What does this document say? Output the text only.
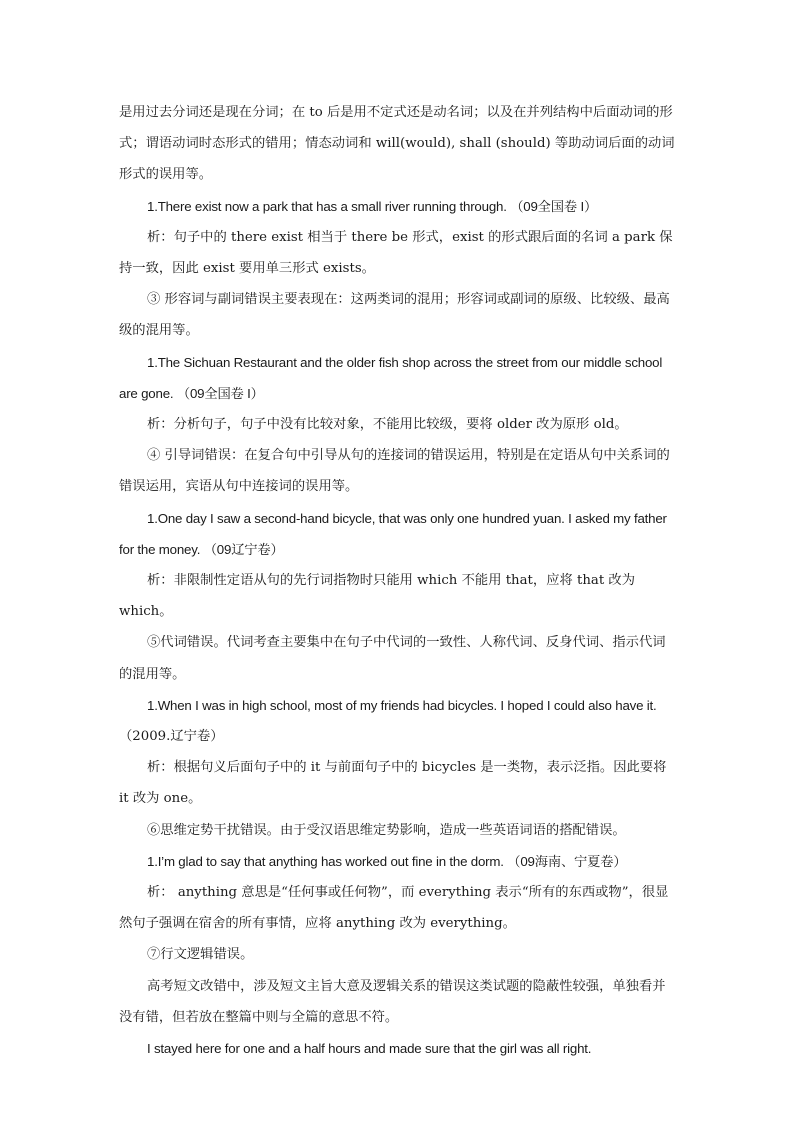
是用过去分词还是现在分词；在 to 后是用不定式还是动名词；以及在并列结构中后面动词的形式；谓语动词时态形式的错用；情态动词和 will(would), shall (should) 等助动词后面的动词形式的误用等。

1.There exist now a park that has a small river running through. （09全国卷 I）

析：句子中的 there exist 相当于 there be 形式，exist 的形式跟后面的名词 a park 保持一致，因此 exist 要用单三形式 exists。

③ 形容词与副词错误主要表现在：这两类词的混用；形容词或副词的原级、比较级、最高级的混用等。

1.The Sichuan Restaurant and the older fish shop across the street from our middle school are gone. （09全国卷 I）

析：分析句子，句子中没有比较对象，不能用比较级，要将 older 改为原形 old。

④ 引导词错误：在复合句中引导从句的连接词的错误运用，特别是在定语从句中关系词的错误运用，宾语从句中连接词的误用等。

1.One day I saw a second-hand bicycle, that was only one hundred yuan. I asked my father

for the money. （09辽宁卷）

析：非限制性定语从句的先行词指物时只能用 which 不能用 that，应将 that 改为 which。

⑤代词错误。代词考查主要集中在句子中代词的一致性、人称代词、反身代词、指示代词的混用等。

1.When I was in high school, most of my friends had bicycles. I hoped I could also have it.

（2009.辽宁卷）

析：根据句义后面句子中的 it 与前面句子中的 bicycles 是一类物，表示泛指。因此要将 it 改为 one。

⑥思维定势干扰错误。由于受汉语思维定势影响，造成一些英语词语的搭配错误。

1.I’m glad to say that anything has worked out fine in the dorm. （09海南、宁夏卷）

析： anything 意思是“任何事或任何物”，而 everything 表示“所有的东西或物”，很显然句子强调在宿舍的所有事情，应将 anything 改为 everything。

⑦行文逻辑错误。

高考短文改错中，涉及短文主旨大意及逻辑关系的错误这类试题的隐蔽性较强，单独看并没有错，但若放在整篇中则与全篇的意思不符。

I stayed here for one and a half hours and made sure that the girl was all right.
